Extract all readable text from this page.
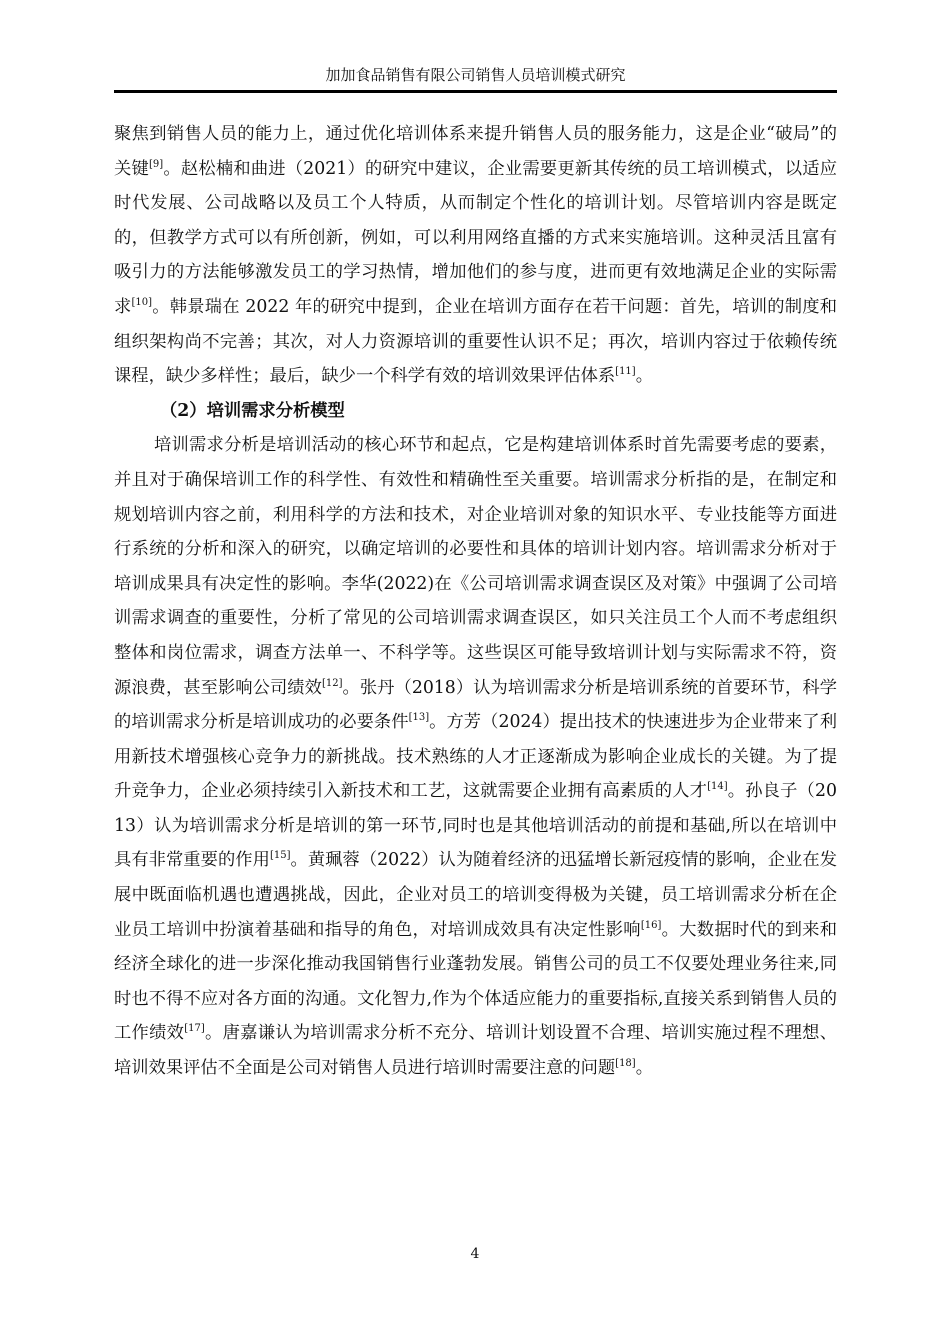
加加食品销售有限公司销售人员培训模式研究

聚焦到销售人员的能力上，通过优化培训体系来提升销售人员的服务能力，这是企业“破局”的关键[9]。赵松楠和曲进（2021）的研究中建议，企业需要更新其传统的员工培训模式，以适应时代发展、公司战略以及员工个人特质，从而制定个性化的培训计划。尽管培训内容是既定的，但教学方式可以有所创新，例如，可以利用网络直播的方式来实施培训。这种灵活且富有吸引力的方法能够激发员工的学习热情，增加他们的参与度，进而更有效地满足企业的实际需求[10]。韩景瑞在 2022 年的研究中提到，企业在培训方面存在若干问题：首先，培训的制度和组织架构尚不完善；其次，对人力资源培训的重要性认识不足；再次，培训内容过于依赖传统课程，缺少多样性；最后，缺少一个科学有效的培训效果评估体系[11]。

（2）培训需求分析模型

培训需求分析是培训活动的核心环节和起点，它是构建培训体系时首先需要考虑的要素，并且对于确保培训工作的科学性、有效性和精确性至关重要。培训需求分析指的是，在制定和规划培训内容之前，利用科学的方法和技术，对企业培训对象的知识水平、专业技能等方面进行系统的分析和深入的研究，以确定培训的必要性和具体的培训计划内容。培训需求分析对于培训成果具有决定性的影响。李华(2022)在《公司培训需求调查误区及对策》中强调了公司培训需求调查的重要性，分析了常见的公司培训需求调查误区，如只关注员工个人而不考虑组织整体和岗位需求，调查方法单一、不科学等。这些误区可能导致培训计划与实际需求不符，资源浪费，甚至影响公司绩效[12]。张丹（2018）认为培训需求分析是培训系统的首要环节，科学的培训需求分析是培训成功的必要条件[13]。方芳（2024）提出技术的快速进步为企业带来了利用新技术增强核心竞争力的新挑战。技术熟练的人才正逐渐成为影响企业成长的关键。为了提升竞争力，企业必须持续引入新技术和工艺，这就需要企业拥有高素质的人才[14]。孙良子（2013）认为培训需求分析是培训的第一环节,同时也是其他培训活动的前提和基础,所以在培训中具有非常重要的作用[15]。黄珮蓉（2022）认为随着经济的迅猛增长新冠疫情的影响，企业在发展中既面临机遇也遭遇挑战，因此，企业对员工的培训变得极为关键，员工培训需求分析在企业员工培训中扮演着基础和指导的角色，对培训成效具有决定性影响[16]。大数据时代的到来和经济全球化的进一步深化推动我国销售行业蓬勃发展。销售公司的员工不仅要处理业务往来,同时也不得不应对各方面的沟通。文化智力,作为个体适应能力的重要指标,直接关系到销售人员的工作绩效[17]。唐嘉谦认为培训需求分析不充分、培训计划设置不合理、培训实施过程不理想、培训效果评估不全面是公司对销售人员进行培训时需要注意的问题[18]。

4
